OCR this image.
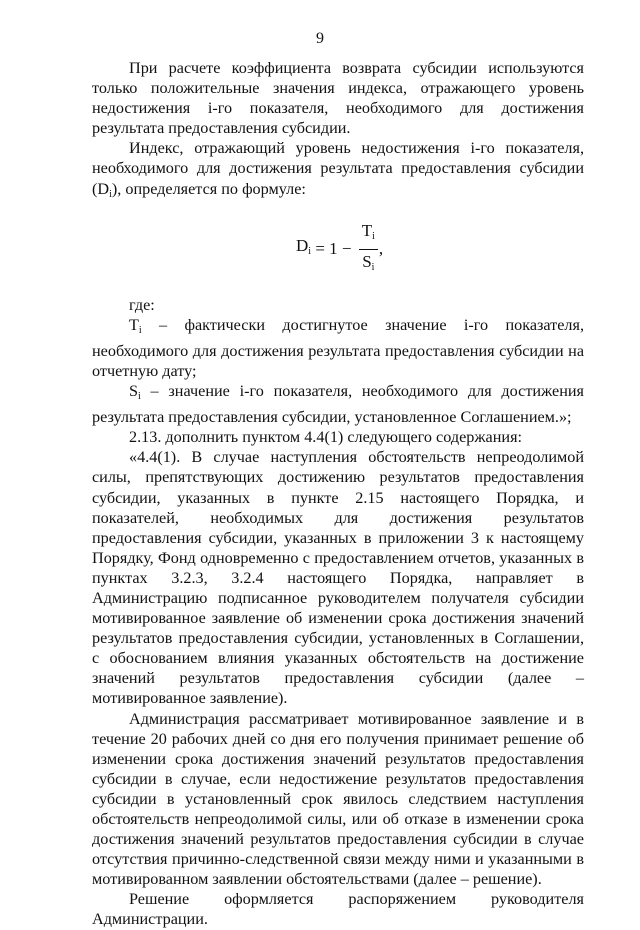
9

При расчете коэффициента возврата субсидии используются только положительные значения индекса, отражающего уровень недостижения i-го показателя, необходимого для достижения результата предоставления субсидии.

Индекс, отражающий уровень недостижения i-го показателя, необходимого для достижения результата предоставления субсидии $(D_i)$, определяется по формуле:

$D_i = 1 - \frac{T_i}{S_i}$ ,

где:

$T_i$ – фактически достигнутое значение i-го показателя, необходимого для достижения результата предоставления субсидии на отчетную дату;

$S_i$ – значение i-го показателя, необходимого для достижения результата предоставления субсидии, установленное Соглашением.»;

2.13. дополнить пунктом 4.4(1) следующего содержания:

«4.4(1). В случае наступления обстоятельств непреодолимой силы, препятствующих достижению результатов предоставления субсидии, указанных в пункте 2.15 настоящего Порядка, и показателей, необходимых для достижения результатов предоставления субсидии, указанных в приложении 3 к настоящему Порядку, Фонд одновременно с предоставлением отчетов, указанных в пунктах 3.2.3, 3.2.4 настоящего Порядка, направляет в Администрацию подписанное руководителем получателя субсидии мотивированное заявление об изменении срока достижения значений результатов предоставления субсидии, установленных в Соглашении, с обоснованием влияния указанных обстоятельств на достижение значений результатов предоставления субсидии (далее – мотивированное заявление).

Администрация рассматривает мотивированное заявление и в течение 20 рабочих дней со дня его получения принимает решение об изменении срока достижения значений результатов предоставления субсидии в случае, если недостижение результатов предоставления субсидии в установленный срок явилось следствием наступления обстоятельств непреодолимой силы, или об отказе в изменении срока достижения значений результатов предоставления субсидии в случае отсутствия причинно-следственной связи между ними и указанными в мотивированном заявлении обстоятельствами (далее – решение).

Решение оформляется распоряжением руководителя Администрации.
